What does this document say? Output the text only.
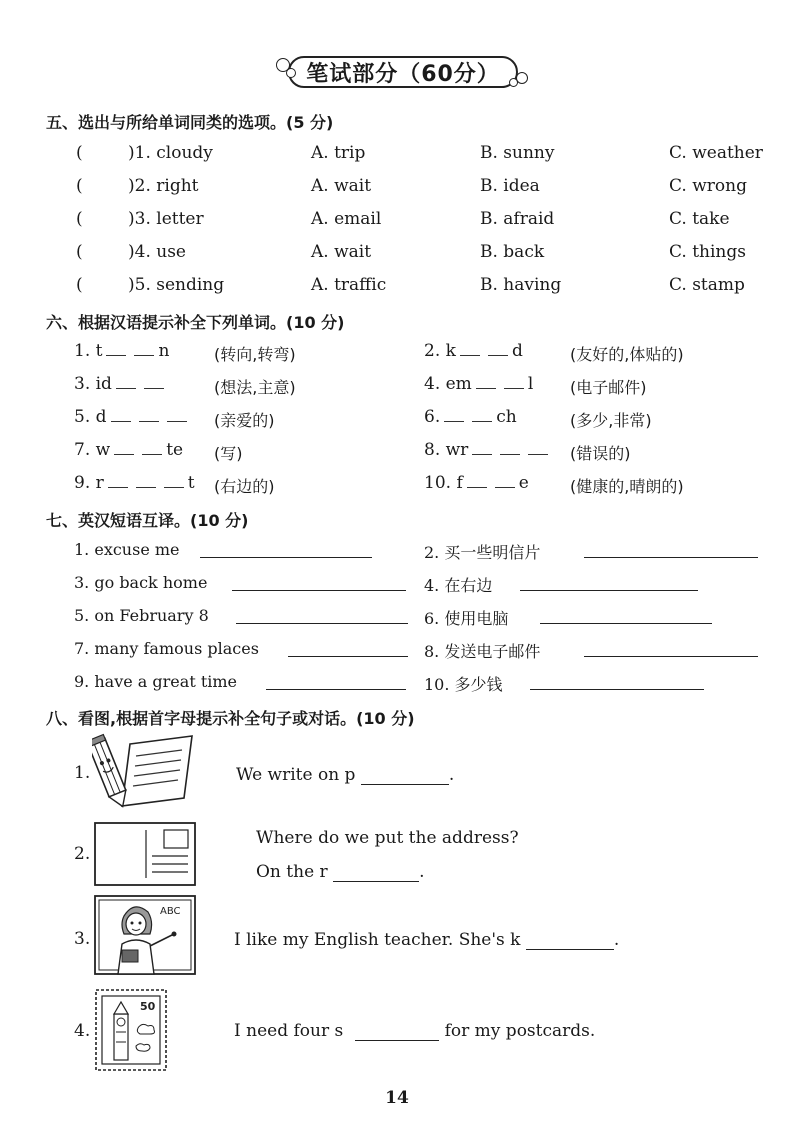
笔试部分（60分）
五、选出与所给单词同类的选项。(5 分)
(	)1. cloudy	A. trip	B. sunny	C. weather
(	)2. right	A. wait	B. idea	C. wrong
(	)3. letter	A. email	B. afraid	C. take
(	)4. use	A. wait	B. back	C. things
(	)5. sending	A. traffic	B. having	C. stamp
六、根据汉语提示补全下列单词。(10 分)
1. t	n	(转向,转弯)	2. k	d	(友好的,体贴的)
3. id	(想法,主意)	4. em	l (电子邮件)
5. d	(亲爱的)	6.	ch	(多少,非常)
7. w	te (写)	8. wr	(错误的)
9. r	t (右边的)	10. f	e	(健康的,晴朗的)
七、英汉短语互译。(10 分)
1. excuse me	2. 买一些明信片
3. go back home	4. 在右边
5. on February 8	6. 使用电脑
7. many famous places	8. 发送电子邮件
9. have a great time	10. 多少钱
八、看图,根据首字母提示补全句子或对话。(10 分)
1.	We write on p	.
2.
Where do we put the address?
On the r	.
3.
ABC
I like my English teacher. She's k	.
4.
50
I need four s	for my postcards.
14
